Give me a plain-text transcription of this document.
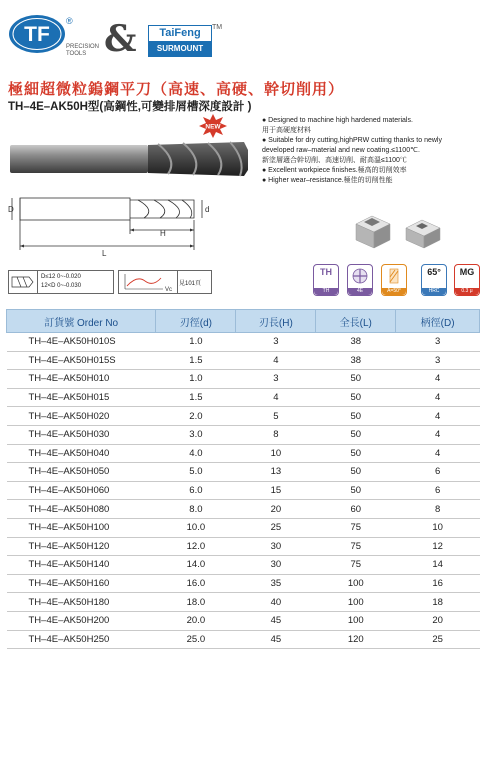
TF
®
PRECISION
TOOLS &	TaiFeng
SURMOUNT
TM
極細超微粒鎢鋼平刀（高速、高硬、幹切削用）
TH–4E–AK50H型(高鋼性,可變排屑槽深度設計 )
NEW
● Designed to machine high hardened materials.
用于高硬度材料
● Suitable for dry cutting,highPRW cutting thanks to newly
developed raw–material and new coating.≤1100℃.
新塗層適合幹切削、高速切削、耐高溫≤1100℃
● Excellent workpiece finishes.極高的切削效率
● Higher wear–resistance.極佳的切削性能
D	d
H
L
D≤12 0~-0.020
12<D 0~-0.030
Vc
見101頁
TH
TH	4E	A=50°
65°
HRC
MG
0.3 μ
訂貨號 Order No	刃徑(d)	刃長(H)	全長(L)	柄徑(D)
TH–4E–AK50H010S	1.0	3	38	3
TH–4E–AK50H015S	1.5	4	38	3
TH–4E–AK50H010	1.0	3	50	4
TH–4E–AK50H015	1.5	4	50	4
TH–4E–AK50H020	2.0	5	50	4
TH–4E–AK50H030	3.0	8	50	4
TH–4E–AK50H040	4.0	10	50	4
TH–4E–AK50H050	5.0	13	50	6
TH–4E–AK50H060	6.0	15	50	6
TH–4E–AK50H080	8.0	20	60	8
TH–4E–AK50H100	10.0	25	75	10
TH–4E–AK50H120	12.0	30	75	12
TH–4E–AK50H140	14.0	30	75	14
TH–4E–AK50H160	16.0	35	100	16
TH–4E–AK50H180	18.0	40	100	18
TH–4E–AK50H200	20.0	45	100	20
TH–4E–AK50H250	25.0	45	120	25
